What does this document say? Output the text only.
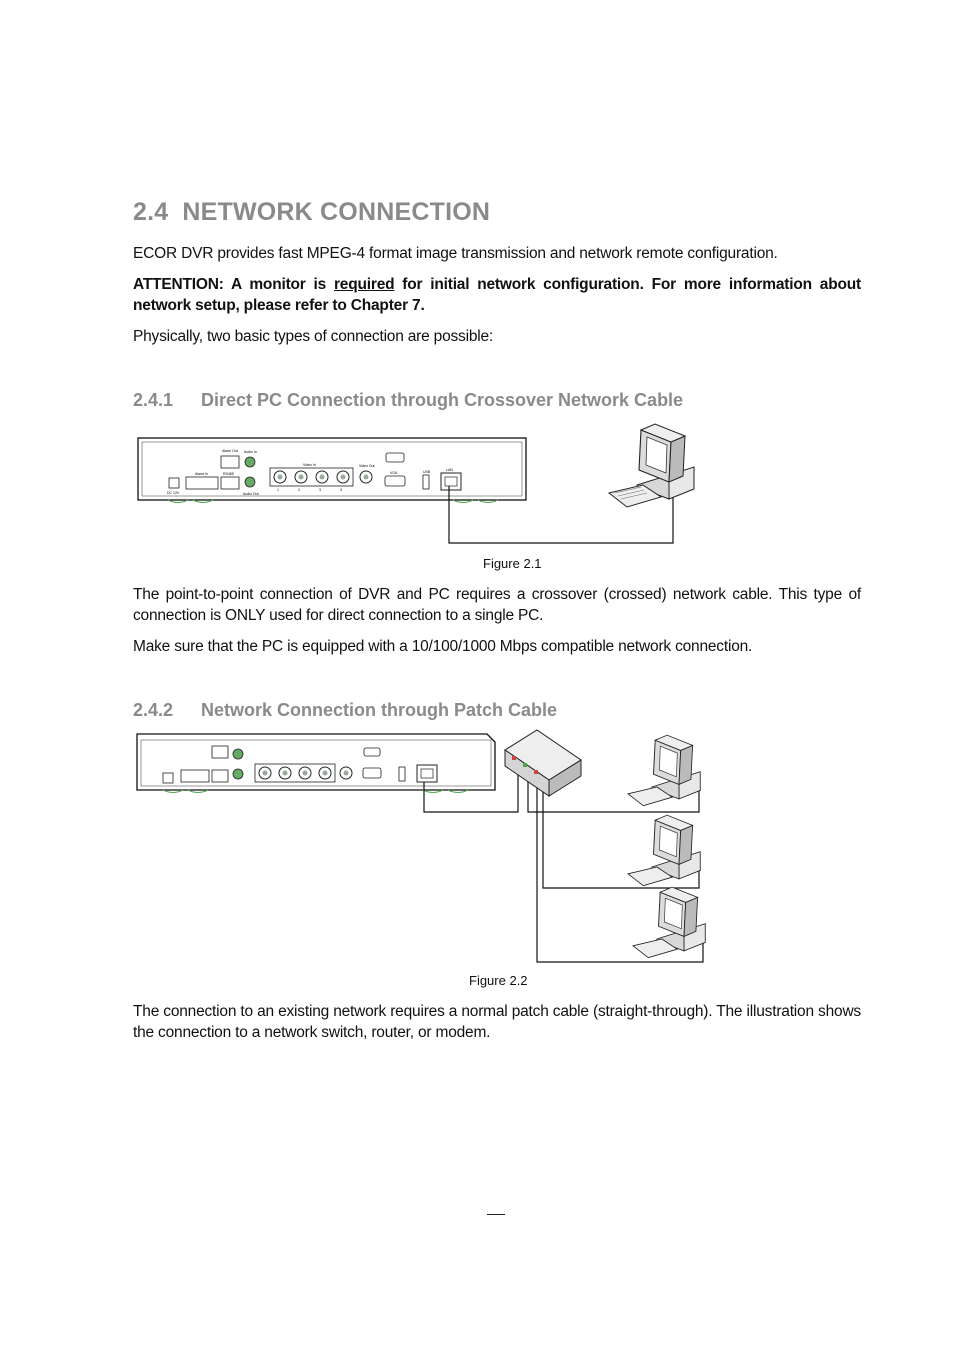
2.4 NETWORK CONNECTION
ECOR DVR provides fast MPEG-4 format image transmission and network remote configuration.
ATTENTION: A monitor is required for initial network configuration. For more information about network setup, please refer to Chapter 7.
Physically, two basic types of connection are possible:
2.4.1 Direct PC Connection through Crossover Network Cable
DC 12V
Alarm In
Alarm Out
RS485
Audio In
Audio Out
Video In
1	2	3	4
Video Out
VGA	USB	LAN
Figure 2.1
The point-to-point connection of DVR and PC requires a crossover (crossed) network cable. This type of connection is ONLY used for direct connection to a single PC.
Make sure that the PC is equipped with a 10/100/1000 Mbps compatible network connection.
2.4.2 Network Connection through Patch Cable
Figure 2.2
The connection to an existing network requires a normal patch cable (straight-through). The illustration shows the connection to a network switch, router, or modem.
